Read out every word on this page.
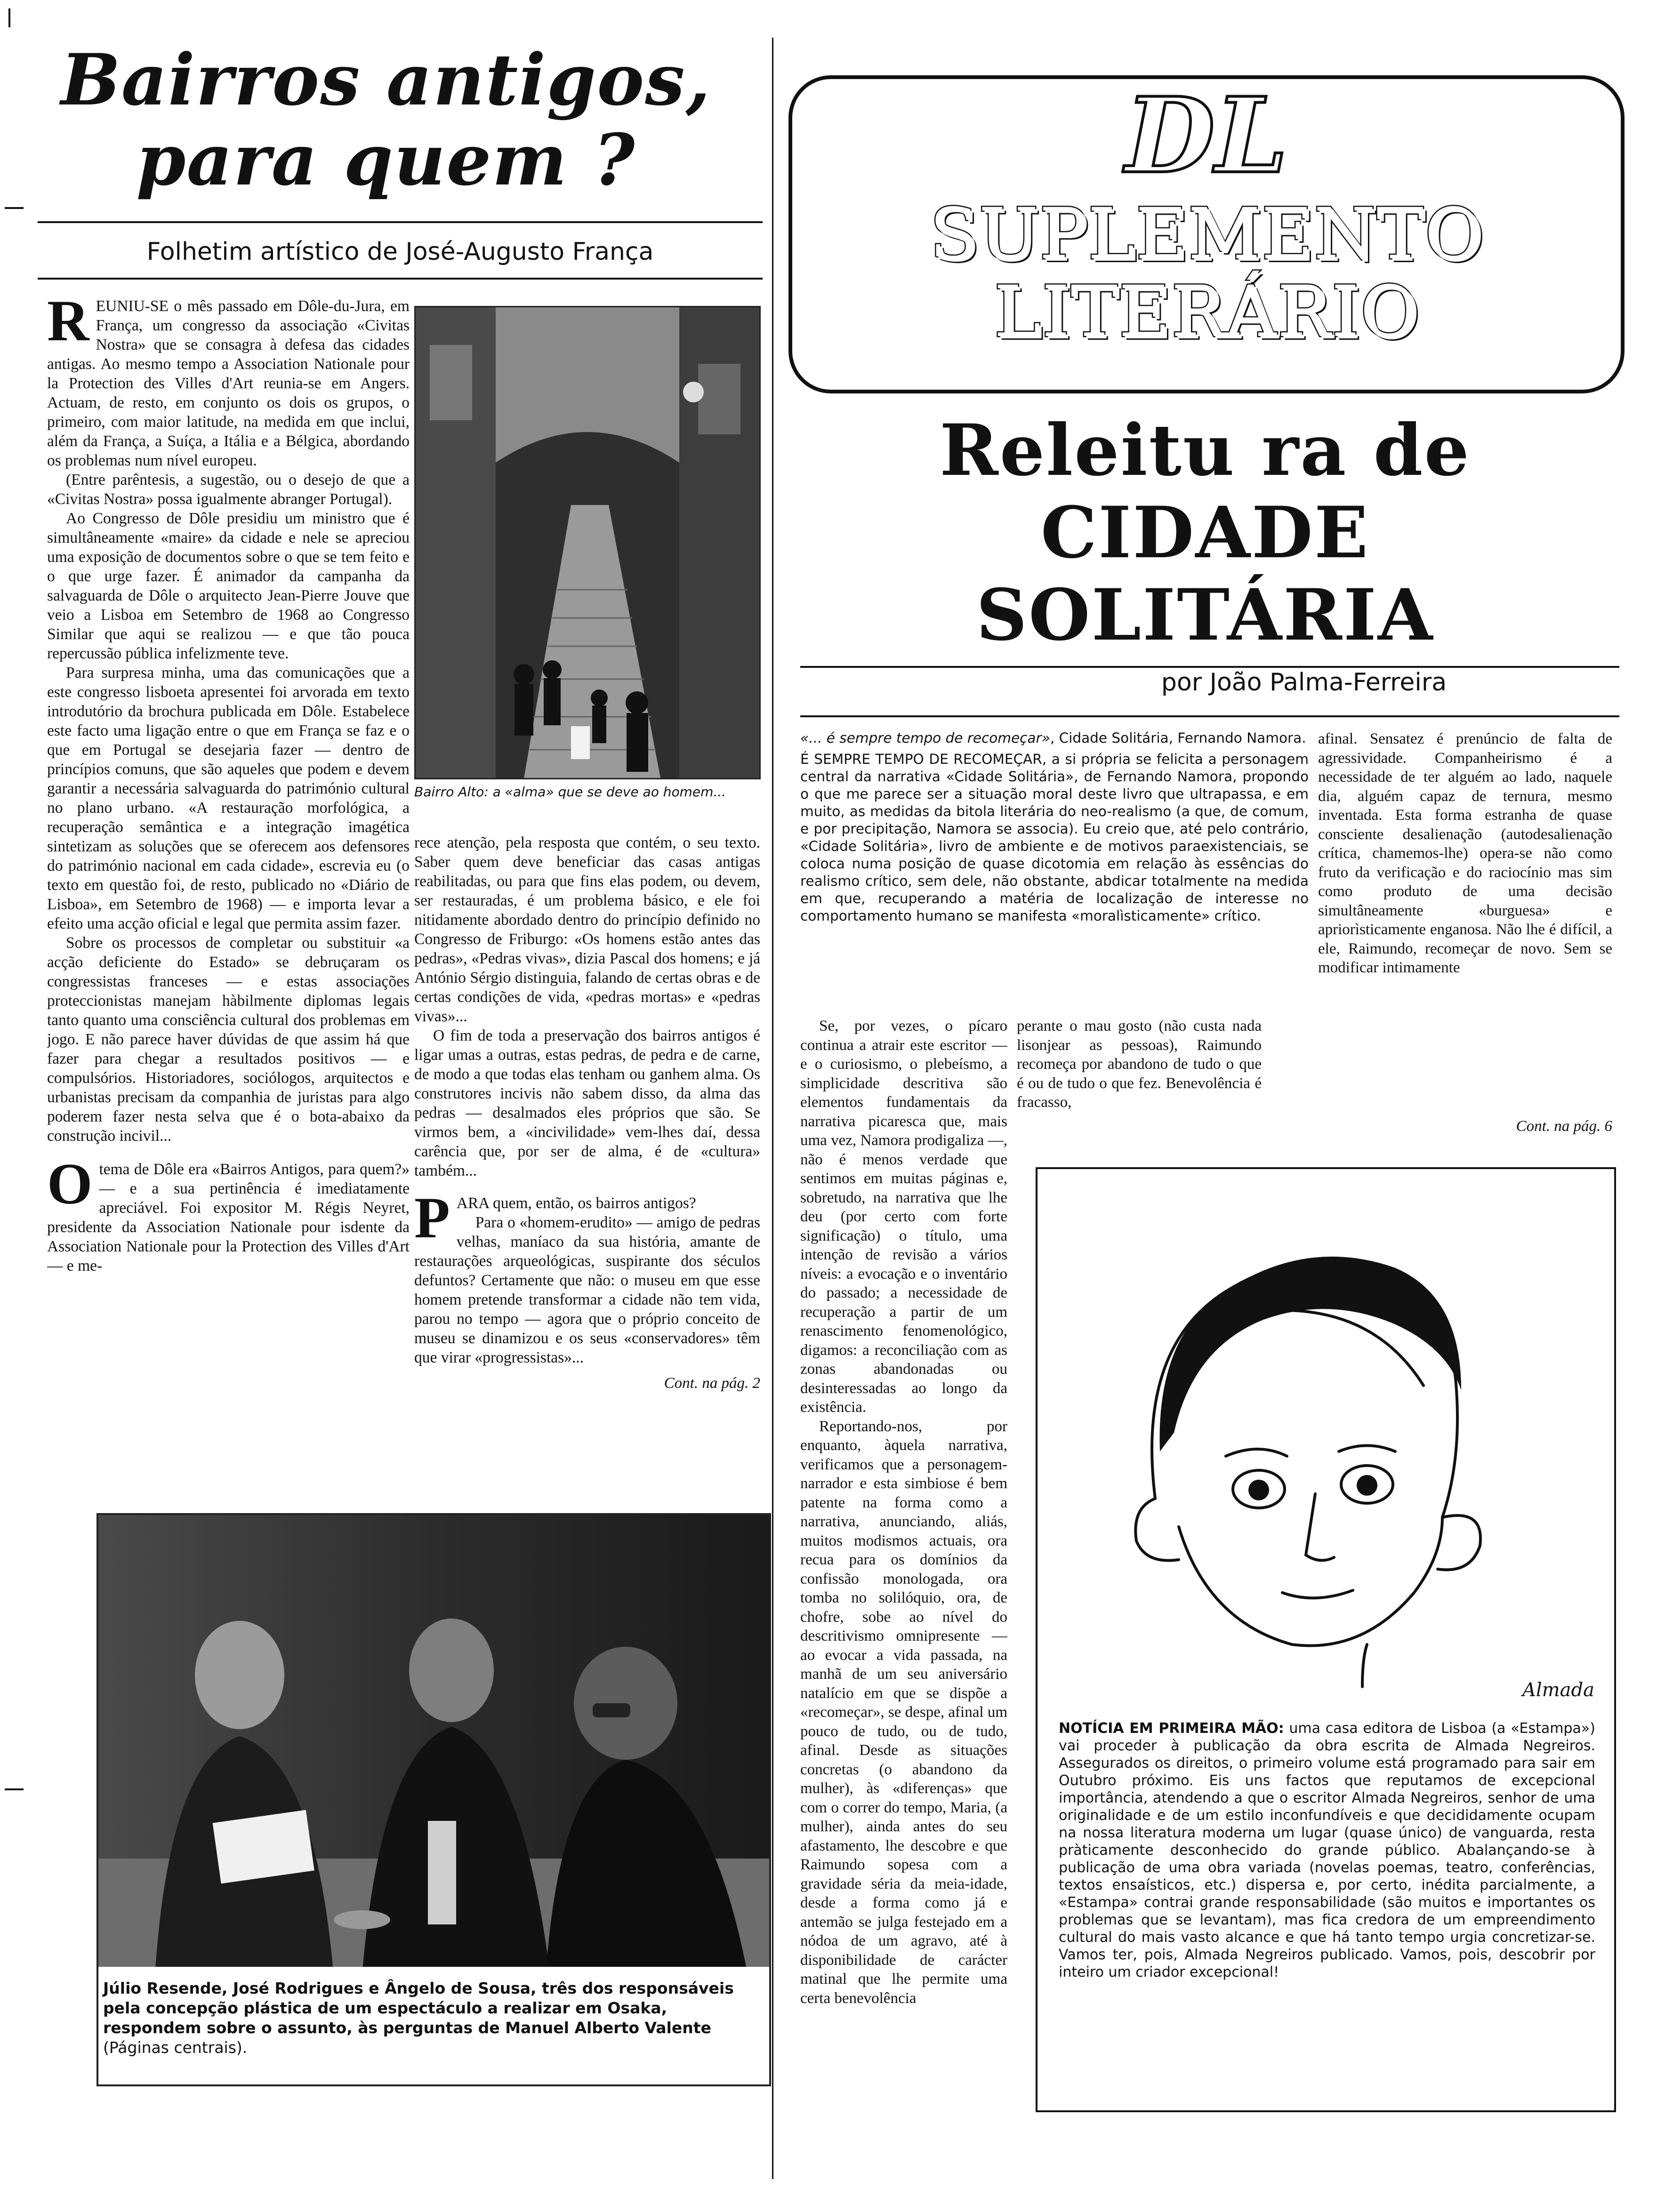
Bairros antigos,
para quem ?
Folhetim artístico de José-Augusto França
R EUNIU-SE o mês passado em Dôle-du-Jura, em França, um congresso da associação «Civitas Nostra» que se consagra à defesa das cidades antigas. Ao mesmo tempo a Association Nationale pour la Protection des Villes d'Art reunia-se em Angers. Actuam, de resto, em conjunto os dois os grupos, o primeiro, com maior latitude, na medida em que inclui, além da França, a Suíça, a Itália e a Bélgica, abordando os problemas num nível europeu.

(Entre parêntesis, a sugestão, ou o desejo de que a «Civitas Nostra» possa igualmente abranger Portugal).

Ao Congresso de Dôle presidiu um ministro que é simultâneamente «maire» da cidade e nele se apreciou uma exposição de documentos sobre o que se tem feito e o que urge fazer. É animador da campanha da salvaguarda de Dôle o arquitecto Jean-Pierre Jouve que veio a Lisboa em Setembro de 1968 ao Congresso Similar que aqui se realizou — e que tão pouca repercussão pública infelizmente teve.

Para surpresa minha, uma das comunicações que a este congresso lisboeta apresentei foi arvorada em texto introdutório da brochura publicada em Dôle. Estabelece este facto uma ligação entre o que em França se faz e o que em Portugal se desejaria fazer — dentro de princípios comuns, que são aqueles que podem e devem garantir a necessária salvaguarda do património cultural no plano urbano. «A restauração morfológica, a recuperação semântica e a integração imagética sintetizam as soluções que se oferecem aos defensores do património nacional em cada cidade», escrevia eu (o texto em questão foi, de resto, publicado no «Diário de Lisboa», em Setembro de 1968) — e importa levar a efeito uma acção oficial e legal que permita assim fazer.

Sobre os processos de completar ou substituir «a acção deficiente do Estado» se debruçaram os congressistas franceses — e estas associações proteccionistas manejam hàbilmente diplomas legais tanto quanto uma consciência cultural dos problemas em jogo. E não parece haver dúvidas de que assim há que fazer para chegar a resultados positivos — e compulsórios. Historiadores, sociólogos, arquitectos e urbanistas precisam da companhia de juristas para algo poderem fazer nesta selva que é o bota-abaixo da construção incivil...

O tema de Dôle era «Bairros Antigos, para quem?» — e a sua pertinência é imediatamente apreciável. Foi expositor M. Régis Neyret, presidente da Association Nationale pour isdente da Association Nationale pour la Protection des Villes d'Art — e me-

Bairro Alto: a «alma» que se deve ao homem...

rece atenção, pela resposta que contém, o seu texto. Saber quem deve beneficiar das casas antigas reabilitadas, ou para que fins elas podem, ou devem, ser restauradas, é um problema básico, e ele foi nitidamente abordado dentro do princípio definido no Congresso de Friburgo: «Os homens estão antes das pedras», «Pedras vivas», dizia Pascal dos homens; e já António Sérgio distinguia, falando de certas obras e de certas condições de vida, «pedras mortas» e «pedras vivas»...

O fim de toda a preservação dos bairros antigos é ligar umas a outras, estas pedras, de pedra e de carne, de modo a que todas elas tenham ou ganhem alma. Os construtores incivis não sabem disso, da alma das pedras — desalmados eles próprios que são. Se virmos bem, a «incivilidade» vem-lhes daí, dessa carência que, por ser de alma, é de «cultura» também...

P ARA quem, então, os bairros antigos?

Para o «homem-erudito» — amigo de pedras velhas, maníaco da sua história, amante de restaurações arqueológicas, suspirante dos séculos defuntos? Certamente que não: o museu em que esse homem pretende transformar a cidade não tem vida, parou no tempo — agora que o próprio conceito de museu se dinamizou e os seus «conservadores» têm que virar «progressistas»...

Cont. na pág. 2
Júlio Resende, José Rodrigues e Ângelo de Sousa, três dos responsáveis pela concepção plástica de um espectáculo a realizar em Osaka, respondem sobre o assunto, às perguntas de Manuel Alberto Valente (Páginas centrais).
DL
SUPLEMENTO
LITERÁRIO
Releitu ra de
CIDADE
SOLITÁRIA
por João Palma-Ferreira

«... é sempre tempo de recomeçar», Cidade Solitária, Fernando Namora.

É SEMPRE TEMPO DE RECOMEÇAR, a si própria se felicita a personagem central da narrativa «Cidade Solitária», de Fernando Namora, propondo o que me parece ser a situação moral deste livro que ultrapassa, e em muito, as medidas da bitola literária do neo-realismo (a que, de comum, e por precipitação, Namora se associa). Eu creio que, até pelo contrário, «Cidade Solitária», livro de ambiente e de motivos paraexistenciais, se coloca numa posição de quase dicotomia em relação às essências do realismo crítico, sem dele, não obstante, abdicar totalmente na medida em que, recuperando a matéria de localização de interesse no comportamento humano se manifesta «moralìsticamente» crítico.

Se, por vezes, o pícaro continua a atrair este escritor — e o curiosismo, o plebeísmo, a simplicidade descritiva são elementos fundamentais da narrativa picaresca que, mais uma vez, Namora prodigaliza —, não é menos verdade que sentimos em muitas páginas e, sobretudo, na narrativa que lhe deu (por certo com forte significação) o título, uma intenção de revisão a vários níveis: a evocação e o inventário do passado; a necessidade de recuperação a partir de um renascimento fenomenológico, digamos: a reconciliação com as zonas abandonadas ou desinteressadas ao longo da existência.

Reportando-nos, por enquanto, àquela narrativa, verificamos que a personagem-narrador e esta simbiose é bem patente na forma como a narrativa, anunciando, aliás, muitos modismos actuais, ora recua para os domínios da confissão monologada, ora tomba no solilóquio, ora, de chofre, sobe ao nível do descritivismo omnipresente — ao evocar a vida passada, na manhã de um seu aniversário natalício em que se dispõe a «recomeçar», se despe, afinal um pouco de tudo, ou de tudo, afinal. Desde as situações concretas (o abandono da mulher), às «diferenças» que com o correr do tempo, Maria, (a mulher), ainda antes do seu afastamento, lhe descobre e que Raimundo sopesa com a gravidade séria da meia-idade, desde a forma como já e antemão se julga festejado em a nódoa de um agravo, até à disponibilidade de carácter matinal que lhe permite uma certa benevolência

perante o mau gosto (não custa nada lisonjear as pessoas), Raimundo recomeça por abandono de tudo o que é ou de tudo o que fez. Benevolência é fracasso,

afinal. Sensatez é prenúncio de falta de agressividade. Companheirismo é a necessidade de ter alguém ao lado, naquele dia, alguém capaz de ternura, mesmo inventada. Esta forma estranha de quase consciente desalienação (autodesalienação crítica, chamemos-lhe) opera-se não como fruto da verificação e do raciocínio mas sim como produto de uma decisão simultâneamente «burguesa» e apriorìsticamente enganosa. Não lhe é difícil, a ele, Raimundo, recomeçar de novo. Sem se modificar intimamente

Cont. na pág. 6
Almada
NOTÍCIA EM PRIMEIRA MÃO: uma casa editora de Lisboa (a «Estampa») vai proceder à publicação da obra escrita de Almada Negreiros. Assegurados os direitos, o primeiro volume está programado para sair em Outubro próximo. Eis uns factos que reputamos de excepcional importância, atendendo a que o escritor Almada Negreiros, senhor de uma originalidade e de um estilo inconfundíveis e que decididamente ocupam na nossa literatura moderna um lugar (quase único) de vanguarda, resta pràticamente desconhecido do grande público. Abalançando-se à publicação de uma obra variada (novelas poemas, teatro, conferências, textos ensaísticos, etc.) dispersa e, por certo, inédita parcialmente, a «Estampa» contrai grande responsabilidade (são muitos e importantes os problemas que se levantam), mas fica credora de um empreendimento cultural do mais vasto alcance e que há tanto tempo urgia concretizar-se. Vamos ter, pois, Almada Negreiros publicado. Vamos, pois, descobrir por inteiro um criador excepcional!
